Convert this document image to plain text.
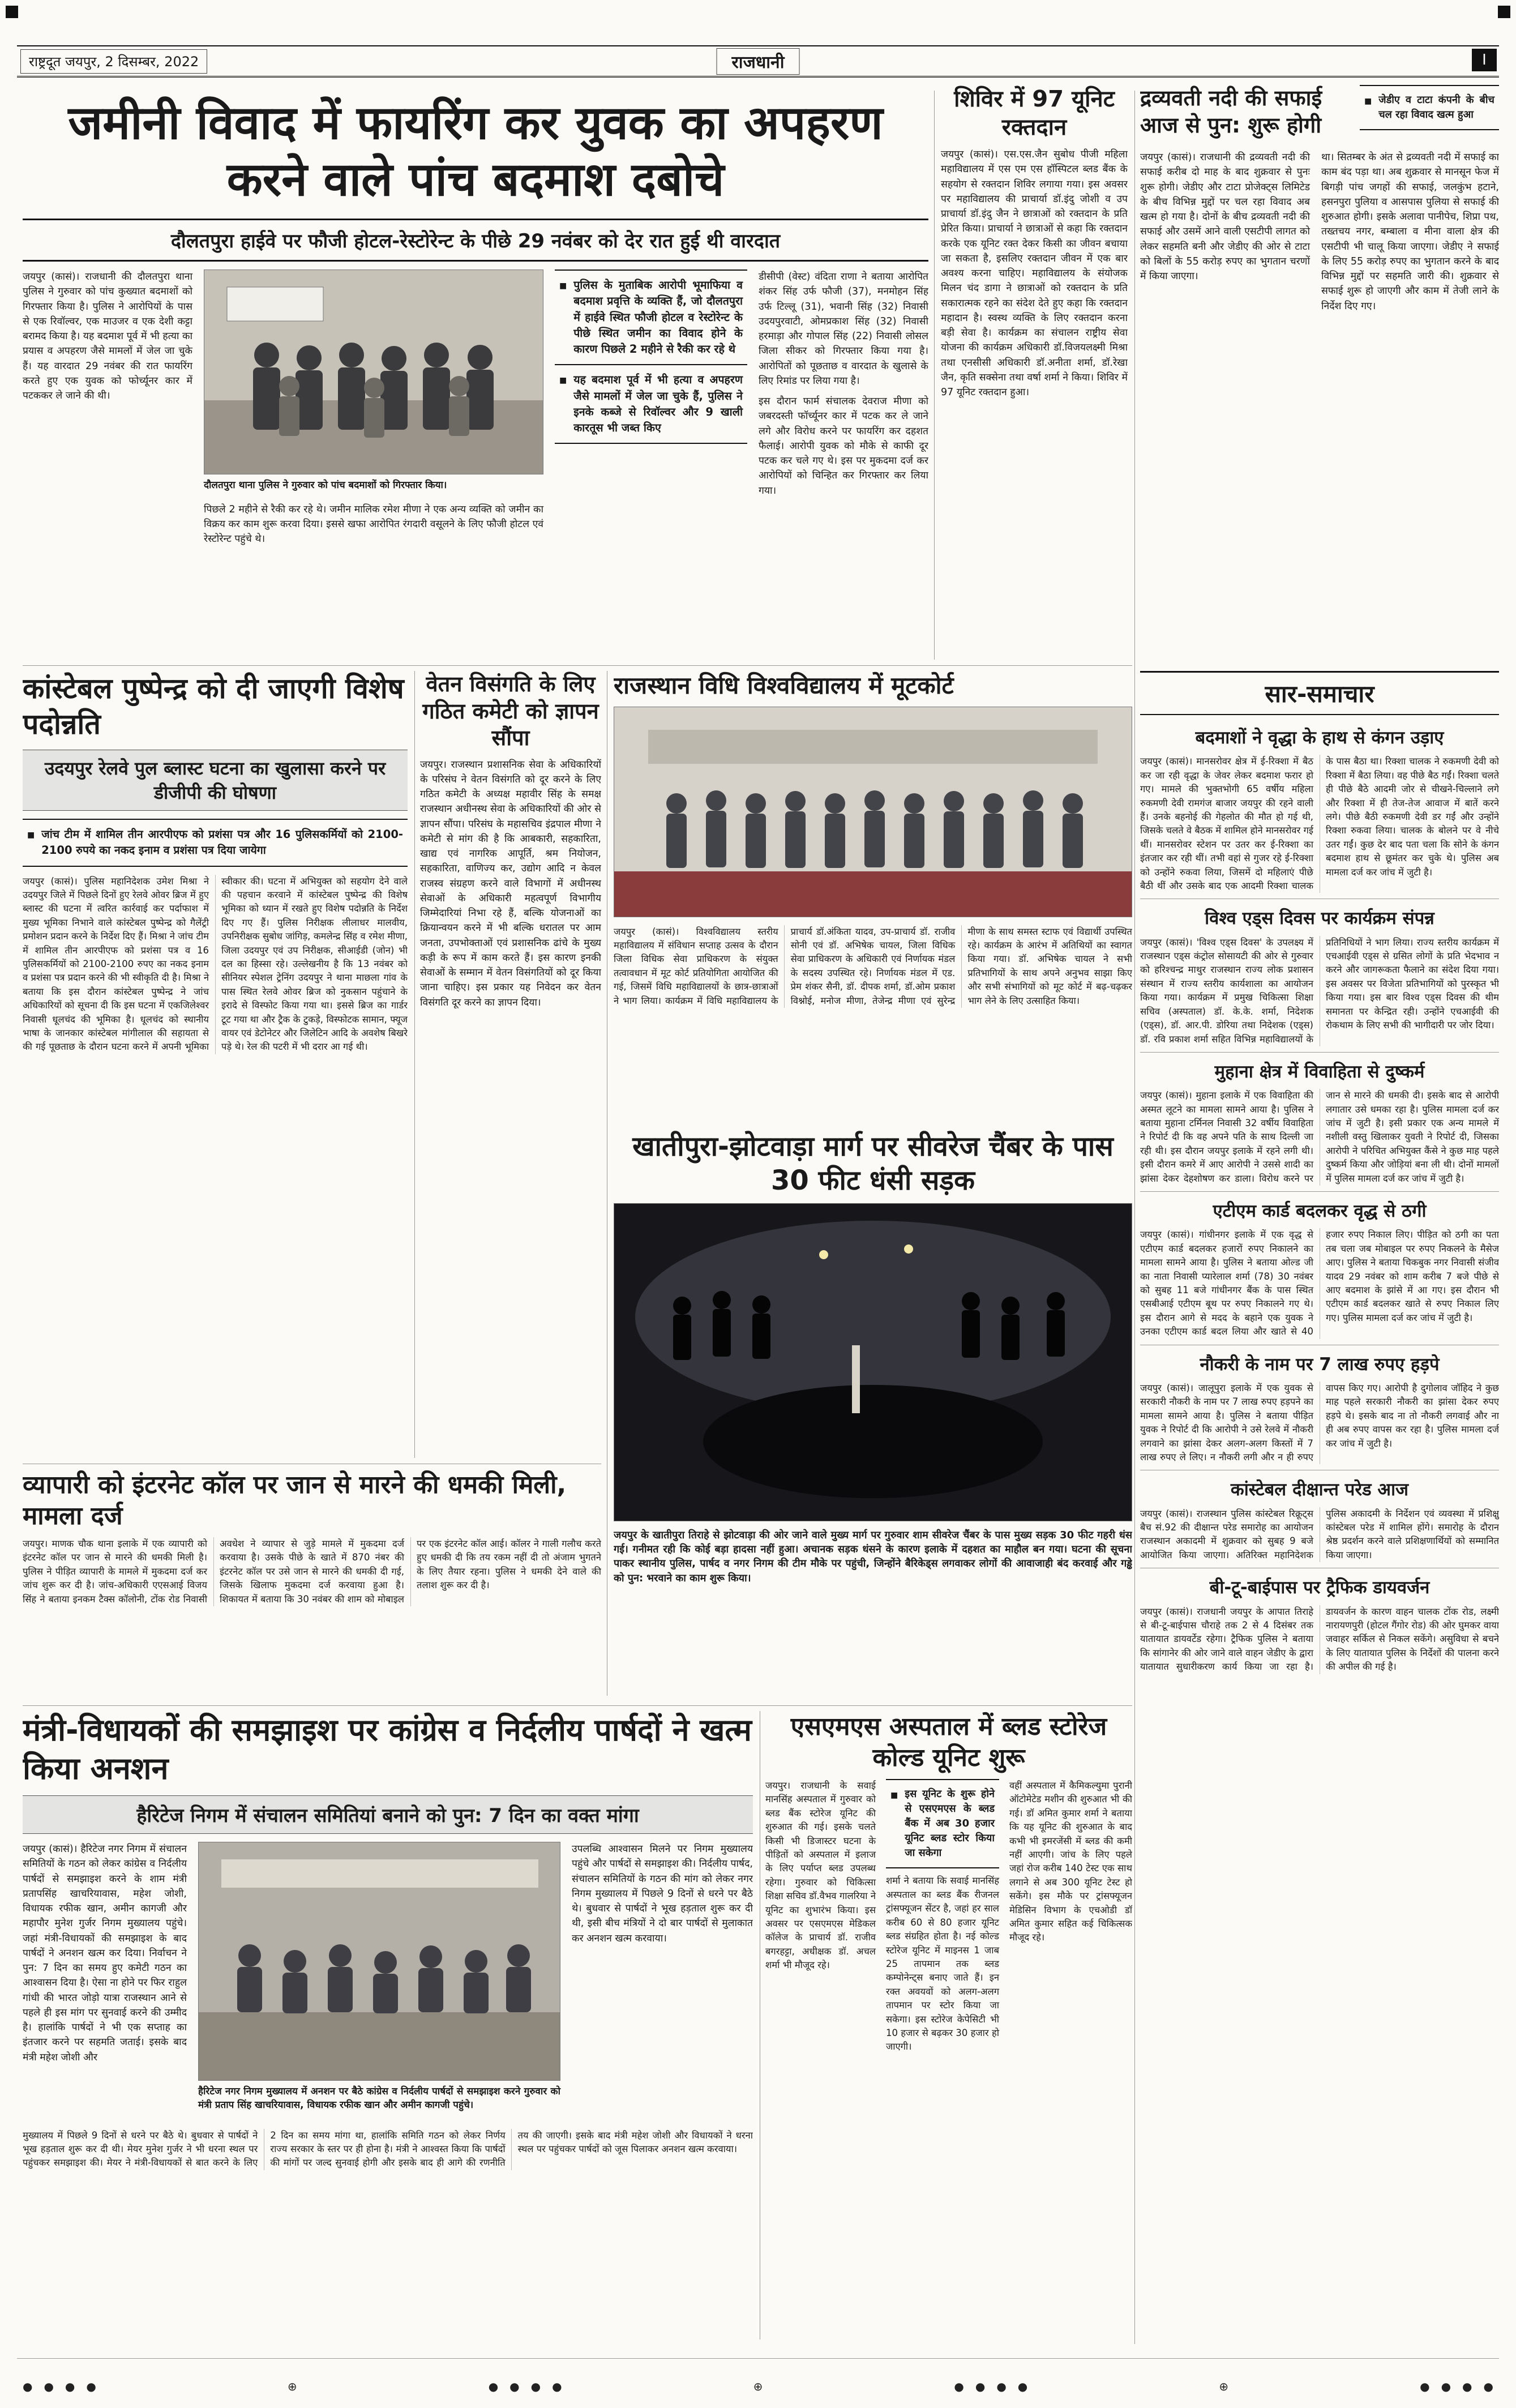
राष्ट्रदूत जयपुर, 2 दिसम्बर, 2022	राजधानी	I
जमीनी विवाद में फायरिंग कर युवक का अपहरण करने वाले पांच बदमाश दबोचे
दौलतपुरा हाईवे पर फौजी होटल-रेस्टोरेन्ट के पीछे 29 नवंबर को देर रात हुई थी वारदात

जयपुर (कासं)। राजधानी की दौलतपुरा थाना पुलिस ने गुरुवार को पांच कुख्यात बदमाशों को गिरफ्तार किया है। पुलिस ने आरोपियों के पास से एक रिवॉल्वर, एक माउजर व एक देशी कट्टा बरामद किया है। यह बदमाश पूर्व में भी हत्या का प्रयास व अपहरण जैसे मामलों में जेल जा चुके हैं। यह वारदात 29 नवंबर की रात फायरिंग करते हुए एक युवक को फोर्च्यूनर कार में पटककर ले जाने की थी।

दौलतपुरा थाना पुलिस ने गुरुवार को पांच बदमाशों को गिरफ्तार किया।

पिछले 2 महीने से रैकी कर रहे थे। जमीन मालिक रमेश मीणा ने एक अन्य व्यक्ति को जमीन का विक्रय कर काम शुरू करवा दिया। इससे खफा आरोपित रंगदारी वसूलने के लिए फौजी होटल एवं रेस्टोरेन्ट पहुंचे थे।

■ पुलिस के मुताबिक आरोपी भूमाफिया व बदमाश प्रवृत्ति के व्यक्ति हैं, जो दौलतपुरा में हाईवे स्थित फौजी होटल व रेस्टोरेन्ट के पीछे स्थित जमीन का विवाद होने के कारण पिछले 2 महीने से रैकी कर रहे थे
■ यह बदमाश पूर्व में भी हत्या व अपहरण जैसे मामलों में जेल जा चुके हैं, पुलिस ने इनके कब्जे से रिवॉल्वर और 9 खाली कारतूस भी जब्त किए

डीसीपी (वेस्ट) वंदिता राणा ने बताया आरोपित शंकर सिंह उर्फ फौजी (37), मनमोहन सिंह उर्फ टिल्लू (31), भवानी सिंह (32) निवासी उदयपुरवाटी, ओमप्रकाश सिंह (32) निवासी हरमाड़ा और गोपाल सिंह (22) निवासी लोसल जिला सीकर को गिरफ्तार किया गया है। आरोपितों को पूछताछ व वारदात के खुलासे के लिए रिमांड पर लिया गया है।

इस दौरान फार्म संचालक देवराज मीणा को जबरदस्ती फॉर्च्यूनर कार में पटक कर ले जाने लगे और विरोध करने पर फायरिंग कर दहशत फैलाई। आरोपी युवक को मौके से काफी दूर पटक कर चले गए थे। इस पर मुकदमा दर्ज कर आरोपियों को चिन्हित कर गिरफ्तार कर लिया गया।

शिविर में 97 यूनिट रक्तदान

जयपुर (कासं)। एस.एस.जैन सुबोध पीजी महिला महाविद्यालय में एस एम एस हॉस्पिटल ब्लड बैंक के सहयोग से रक्तदान शिविर लगाया गया। इस अवसर पर महाविद्यालय की प्राचार्या डॉ.इंदु जोशी व उप प्राचार्या डॉ.इंदु जैन ने छात्राओं को रक्तदान के प्रति प्रेरित किया। प्राचार्या ने छात्राओं से कहा कि रक्तदान करके एक यूनिट रक्त देकर किसी का जीवन बचाया जा सकता है, इसलिए रक्तदान जीवन में एक बार अवश्य करना चाहिए। महाविद्यालय के संयोजक मिलन चंद डागा ने छात्राओं को रक्तदान के प्रति सकारात्मक रहने का संदेश देते हुए कहा कि रक्तदान महादान है। स्वस्थ व्यक्ति के लिए रक्तदान करना बड़ी सेवा है। कार्यक्रम का संचालन राष्ट्रीय सेवा योजना की कार्यक्रम अधिकारी डॉ.विजयलक्ष्मी मिश्रा तथा एनसीसी अधिकारी डॉ.अनीता शर्मा, डॉ.रेखा जैन, कृति सक्सेना तथा वर्षा शर्मा ने किया। शिविर में 97 यूनिट रक्तदान हुआ।

द्रव्यवती नदी की सफाई आज से पुन: शुरू होगी
■ जेडीए व टाटा कंपनी के बीच चल रहा विवाद खत्म हुआ

जयपुर (कासं)। राजधानी की द्रव्यवती नदी की सफाई करीब दो माह के बाद शुक्रवार से पुनः शुरू होगी। जेडीए और टाटा प्रोजेक्ट्स लिमिटेड के बीच विभिन्न मुद्दों पर चल रहा विवाद अब खत्म हो गया है। दोनों के बीच द्रव्यवती नदी की सफाई और उसमें आने वाली एसटीपी लागत को लेकर सहमति बनी और जेडीए की ओर से टाटा को बिलों के 55 करोड़ रुपए का भुगतान चरणों में किया जाएगा।

था। सितम्बर के अंत से द्रव्यवती नदी में सफाई का काम बंद पड़ा था। अब शुक्रवार से मानसून फेज में बिगड़ी पांच जगहों की सफाई, जलकुंभ हटाने, हसनपुरा पुलिया व आसपास पुलिया से सफाई की शुरुआत होगी। इसके अलावा पानीपेच, शिप्रा पथ, तख्तचय नगर, बम्बाला व मीना वाला क्षेत्र की एसटीपी भी चालू किया जाएगा। जेडीए ने सफाई के लिए 55 करोड़ रुपए का भुगतान करने के बाद विभिन्न मुद्दों पर सहमति जारी की। शुक्रवार से सफाई शुरू हो जाएगी और काम में तेजी लाने के निर्देश दिए गए।

सार-समाचार
बदमाशों ने वृद्धा के हाथ से कंगन उड़ाए
जयपुर (कासं)। मानसरोवर क्षेत्र में ई-रिक्शा में बैठ कर जा रही वृद्धा के जेवर लेकर बदमाश फरार हो गए। मामले की भुक्तभोगी 65 वर्षीय महिला रुकमणी देवी रामगंज बाजार जयपुर की रहने वाली हैं। उनके बहनोई की गेहलोत की मौत हो गई थी, जिसके चलते वे बैठक में शामिल होने मानसरोवर गई थीं। मानसरोवर स्टेशन पर उतर कर ई-रिक्शा का इंतजार कर रही थीं। तभी वहां से गुजर रहे ई-रिक्शा को उन्होंने रुकवा लिया, जिसमें दो महिलाएं पीछे बैठी थीं और उसके बाद एक आदमी रिक्शा चालक के पास बैठा था। रिक्शा चालक ने रुकमणी देवी को रिक्शा में बैठा लिया। वह पीछे बैठ गईं। रिक्शा चलते ही पीछे बैठे आदमी जोर से चीखने-चिल्लाने लगे और रिक्शा में ही तेज-तेज आवाज में बातें करने लगे। पीछे बैठी रुकमणी देवी डर गईं और उन्होंने रिक्शा रुकवा लिया। चालक के बोलने पर वे नीचे उतर गईं। कुछ देर बाद पता चला कि सोने के कंगन बदमाश हाथ से छूमंतर कर चुके थे। पुलिस अब मामला दर्ज कर जांच में जुटी है।
विश्व एड्स दिवस पर कार्यक्रम संपन्न
जयपुर (कासं)। 'विश्व एड्स दिवस' के उपलक्ष्य में राजस्थान एड्स कंट्रोल सोसायटी की ओर से गुरुवार को हरिश्चन्द्र माथुर राजस्थान राज्य लोक प्रशासन संस्थान में राज्य स्तरीय कार्यशाला का आयोजन किया गया। कार्यक्रम में प्रमुख चिकित्सा शिक्षा सचिव (अस्पताल) डॉ. के.के. शर्मा, निदेशक (एड्स), डॉ. आर.पी. डोरिया तथा निदेशक (एड्स) डॉ. रवि प्रकाश शर्मा सहित विभिन्न महाविद्यालयों के प्रतिनिधियों ने भाग लिया। राज्य स्तरीय कार्यक्रम में एचआईवी एड्स से ग्रसित लोगों के प्रति भेदभाव न करने और जागरूकता फैलाने का संदेश दिया गया। इस अवसर पर विजेता प्रतिभागियों को पुरस्कृत भी किया गया। इस बार विश्व एड्स दिवस की थीम समानता पर केन्द्रित रही। उन्होंने एचआईवी की रोकथाम के लिए सभी की भागीदारी पर जोर दिया।
मुहाना क्षेत्र में विवाहिता से दुष्कर्म
जयपुर (कासं)। मुहाना इलाके में एक विवाहिता की अस्मत लूटने का मामला सामने आया है। पुलिस ने बताया मुहाना टर्मिनल निवासी 32 वर्षीय विवाहिता ने रिपोर्ट दी कि वह अपने पति के साथ दिल्ली जा रही थी। इस दौरान जयपुर इलाके में रहने लगी थी। इसी दौरान कमरे में आए आरोपी ने उससे शादी का झांसा देकर देहशोषण कर डाला। विरोध करने पर जान से मारने की धमकी दी। इसके बाद से आरोपी लगातार उसे धमका रहा है। पुलिस मामला दर्ज कर जांच में जुटी है। इसी प्रकार एक अन्य मामले में नशीली वस्तु खिलाकर युवती ने रिपोर्ट दी, जिसका आरोपी ने परिचित अभियुक्त कैंसे ने कुछ माह पहले दुष्कर्म किया और जोड़ियां बना ली थी। दोनों मामलों में पुलिस मामला दर्ज कर जांच में जुटी है।
एटीएम कार्ड बदलकर वृद्ध से ठगी
जयपुर (कासं)। गांधीनगर इलाके में एक वृद्ध से एटीएम कार्ड बदलकर हजारों रुपए निकालने का मामला सामने आया है। पुलिस ने बताया ओल्ड जी का नाता निवासी प्यारेलाल शर्मा (78) 30 नवंबर को सुबह 11 बजे गांधीनगर बैंक के पास स्थित एसबीआई एटीएम बूथ पर रुपए निकालने गए थे। इस दौरान आगे से मदद के बहाने एक युवक ने उनका एटीएम कार्ड बदल लिया और खाते से 40 हजार रुपए निकाल लिए। पीड़ित को ठगी का पता तब चला जब मोबाइल पर रुपए निकलने के मैसेज आए। पुलिस ने बताया चिकबुक नगर निवासी संजीव यादव 29 नवंबर को शाम करीब 7 बजे पीछे से आए बदमाश के झांसे में आ गए। इस दौरान भी एटीएम कार्ड बदलकर खाते से रुपए निकाल लिए गए। पुलिस मामला दर्ज कर जांच में जुटी है।
नौकरी के नाम पर 7 लाख रुपए हड़पे
जयपुर (कासं)। जालूपुरा इलाके में एक युवक से सरकारी नौकरी के नाम पर 7 लाख रुपए हड़पने का मामला सामने आया है। पुलिस ने बताया पीड़ित युवक ने रिपोर्ट दी कि आरोपी ने उसे रेलवे में नौकरी लगवाने का झांसा देकर अलग-अलग किस्तों में 7 लाख रुपए ले लिए। न नौकरी लगी और न ही रुपए वापस किए गए। आरोपी है दुगोलाव जॉहिद ने कुछ माह पहले सरकारी नौकरी का झांसा देकर रुपए हड़पे थे। इसके बाद ना तो नौकरी लगवाई और ना ही अब रुपए वापस कर रहा है। पुलिस मामला दर्ज कर जांच में जुटी है।
कांस्टेबल दीक्षान्त परेड आज
जयपुर (कासं)। राजस्थान पुलिस कांस्टेबल रिक्रूट्स बैच सं.92 की दीक्षान्त परेड समारोह का आयोजन राजस्थान अकादमी में शुक्रवार को सुबह 9 बजे आयोजित किया जाएगा। अतिरिक्त महानिदेशक पुलिस अकादमी के निर्देशन एवं व्यवस्था में प्रशिक्षु कांस्टेबल परेड में शामिल होंगे। समारोह के दौरान श्रेष्ठ प्रदर्शन करने वाले प्रशिक्षणार्थियों को सम्मानित किया जाएगा।
बी-टू-बाईपास पर ट्रैफिक डायवर्जन
जयपुर (कासं)। राजधानी जयपुर के आपात तिराहे से बी-टू-बाईपास चौराहे तक 2 से 4 दिसंबर तक यातायात डायवर्टेड रहेगा। ट्रैफिक पुलिस ने बताया कि सांगानेर की ओर जाने वाले वाहन जेडीए के द्वारा यातायात सुधारीकरण कार्य किया जा रहा है। डायवर्जन के कारण वाहन चालक टोंक रोड, लक्ष्मी नारायणपुरी (होटल गैंगोर रोड) की ओर घुमकर वाया जवाहर सर्किल से निकल सकेंगे। असुविधा से बचने के लिए यातायात पुलिस के निर्देशों की पालना करने की अपील की गई है।
कांस्टेबल पुष्पेन्द्र को दी जाएगी विशेष पदोन्नति
उदयपुर रेलवे पुल ब्लास्ट घटना का खुलासा करने पर डीजीपी की घोषणा
■ जांच टीम में शामिल तीन आरपीएफ को प्रशंसा पत्र और 16 पुलिसकर्मियों को 2100-2100 रुपये का नकद इनाम व प्रशंसा पत्र दिया जायेगा
जयपुर (कासं)। पुलिस महानिदेशक उमेश मिश्रा ने उदयपुर जिले में पिछले दिनों हुए रेलवे ओवर ब्रिज में हुए ब्लास्ट की घटना में त्वरित कार्रवाई कर पर्दाफाश में मुख्य भूमिका निभाने वाले कांस्टेबल पुष्पेन्द्र को गैलेंट्री प्रमोशन प्रदान करने के निर्देश दिए हैं। मिश्रा ने जांच टीम में शामिल तीन आरपीएफ को प्रशंसा पत्र व 16 पुलिसकर्मियों को 2100-2100 रुपए का नकद इनाम व प्रशंसा पत्र प्रदान करने की भी स्वीकृति दी है। मिश्रा ने बताया कि इस दौरान कांस्टेबल पुष्पेन्द्र ने जांच अधिकारियों को सूचना दी कि इस घटना में एकजिलेश्वर निवासी धूलचंद की भूमिका है। धूलचंद को स्थानीय भाषा के जानकार कांस्टेबल मांगीलाल की सहायता से की गई पूछताछ के दौरान घटना करने में अपनी भूमिका स्वीकार की। घटना में अभियुक्त को सहयोग देने वाले की पहचान करवाने में कांस्टेबल पुष्पेन्द्र की विशेष भूमिका को ध्यान में रखते हुए विशेष पदोन्नति के निर्देश दिए गए हैं। पुलिस निरीक्षक लीलाधर मालवीय, उपनिरीक्षक सुबोध जांगिड़, कमलेन्द्र सिंह व रमेश मीणा, जिला उदयपुर एवं उप निरीक्षक, सीआईडी (जोन) भी दल का हिस्सा रहे। उल्लेखनीय है कि 13 नवंबर को सीनियर स्पेशल ट्रेनिंग उदयपुर ने थाना माछला गांव के पास स्थित रेलवे ओवर ब्रिज को नुकसान पहुंचाने के इरादे से विस्फोट किया गया था। इससे ब्रिज का गार्डर टूट गया था और ट्रैक के टुकड़े, विस्फोटक सामान, फ्यूज वायर एवं डेटोनेटर और जिलेटिन आदि के अवशेष बिखरे पड़े थे। रेल की पटरी में भी दरार आ गई थी।
वेतन विसंगति के लिए गठित कमेटी को ज्ञापन सौंपा

जयपुर। राजस्थान प्रशासनिक सेवा के अधिकारियों के परिसंघ ने वेतन विसंगति को दूर करने के लिए गठित कमेटी के अध्यक्ष महावीर सिंह के समक्ष राजस्थान अधीनस्थ सेवा के अधिकारियों की ओर से ज्ञापन सौंपा। परिसंघ के महासचिव इंद्रपाल मीणा ने कमेटी से मांग की है कि आबकारी, सहकारिता, खाद्य एवं नागरिक आपूर्ति, श्रम नियोजन, सहकारिता, वाणिज्य कर, उद्योग आदि न केवल राजस्व संग्रहण करने वाले विभागों में अधीनस्थ सेवाओं के अधिकारी महत्वपूर्ण विभागीय जिम्मेदारियां निभा रहे हैं, बल्कि योजनाओं का क्रियान्वयन करने में भी बल्कि धरातल पर आम जनता, उपभोक्ताओं एवं प्रशासनिक ढांचे के मुख्य कड़ी के रूप में काम करते हैं। इस कारण इनकी सेवाओं के सम्मान में वेतन विसंगतियों को दूर किया जाना चाहिए। इस प्रकार यह निवेदन कर वेतन विसंगति दूर करने का ज्ञापन दिया।

राजस्थान विधि विश्वविद्यालय में मूटकोर्ट
जयपुर (कासं)। विश्वविद्यालय स्तरीय महाविद्यालय में संविधान सप्ताह उत्सव के दौरान जिला विधिक सेवा प्राधिकरण के संयुक्त तत्वावधान में मूट कोर्ट प्रतियोगिता आयोजित की गई, जिसमें विधि महाविद्यालयों के छात्र-छात्राओं ने भाग लिया। कार्यक्रम में विधि महाविद्यालय के प्राचार्य डॉ.अंकिता यादव, उप-प्राचार्य डॉ. राजीव सोनी एवं डॉ. अभिषेक चायल, जिला विधिक सेवा प्राधिकरण के अधिकारी एवं निर्णायक मंडल के सदस्य उपस्थित रहे। निर्णायक मंडल में एड. प्रेम शंकर सैनी, डॉ. दीपक शर्मा, डॉ.ओम प्रकाश विश्नोई, मनोज मीणा, तेजेन्द्र मीणा एवं सुरेन्द्र मीणा के साथ समस्त स्टाफ एवं विद्यार्थी उपस्थित रहे। कार्यक्रम के आरंभ में अतिथियों का स्वागत किया गया। डॉ. अभिषेक चायल ने सभी प्रतिभागियों के साथ अपने अनुभव साझा किए और सभी संभागियों को मूट कोर्ट में बढ़-चढ़कर भाग लेने के लिए उत्साहित किया।
खातीपुरा-झोटवाड़ा मार्ग पर सीवरेज चैंबर के पास 30 फीट धंसी सड़क

जयपुर के खातीपुरा तिराहे से झोटवाड़ा की ओर जाने वाले मुख्य मार्ग पर गुरुवार शाम सीवरेज चैंबर के पास मुख्य सड़क 30 फीट गहरी धंस गई। गनीमत रही कि कोई बड़ा हादसा नहीं हुआ। अचानक सड़क धंसने के कारण इलाके में दहशत का माहौल बन गया। घटना की सूचना पाकर स्थानीय पुलिस, पार्षद व नगर निगम की टीम मौके पर पहुंची, जिन्होंने बैरिकेड्स लगवाकर लोगों की आवाजाही बंद करवाई और गड्ढे को पुन: भरवाने का काम शुरू किया।

व्यापारी को इंटरनेट कॉल पर जान से मारने की धमकी मिली, मामला दर्ज
जयपुर। माणक चौक थाना इलाके में एक व्यापारी को इंटरनेट कॉल पर जान से मारने की धमकी मिली है। पुलिस ने पीड़ित व्यापारी के मामले में मुकदमा दर्ज कर जांच शुरू कर दी है। जांच-अधिकारी एएसआई विजय सिंह ने बताया इनकम टैक्स कॉलोनी, टोंक रोड निवासी अवधेश ने व्यापार से जुड़े मामले में मुकदमा दर्ज करवाया है। उसके पीछे के खाते में 870 नंबर की इंटरनेट कॉल पर उसे जान से मारने की धमकी दी गई, जिसके खिलाफ मुकदमा दर्ज करवाया हुआ है। शिकायत में बताया कि 30 नवंबर की शाम को मोबाइल पर एक इंटरनेट कॉल आई। कॉलर ने गाली गलौच करते हुए धमकी दी कि तय रकम नहीं दी तो अंजाम भुगतने के लिए तैयार रहना। पुलिस ने धमकी देने वाले की तलाश शुरू कर दी है।
मंत्री-विधायकों की समझाइश पर कांग्रेस व निर्दलीय पार्षदों ने खत्म किया अनशन
हैरिटेज निगम में संचालन समितियां बनाने को पुन: 7 दिन का वक्त मांगा

जयपुर (कासं)। हैरिटेज नगर निगम में संचालन समितियों के गठन को लेकर कांग्रेस व निर्दलीय पार्षदों से समझाइश करने के शाम मंत्री प्रतापसिंह खाचरियावास, महेश जोशी, विधायक रफीक खान, अमीन कागजी और महापौर मुनेश गुर्जर निगम मुख्यालय पहुंचे। जहां मंत्री-विधायकों की समझाइश के बाद पार्षदों ने अनशन खत्म कर दिया। निर्वाचन ने पुन: 7 दिन का समय हुए कमेटी गठन का आश्वासन दिया है। ऐसा ना होने पर फिर राहुल गांधी की भारत जोड़ो यात्रा राजस्थान आने से पहले ही इस मांग पर सुनवाई करने की उम्मीद है। हालांकि पार्षदों ने भी एक सप्ताह का इंतजार करने पर सहमति जताई। इसके बाद मंत्री महेश जोशी और

हैरिटेज नगर निगम मुख्यालय में अनशन पर बैठे कांग्रेस व निर्दलीय पार्षदों से समझाइश करने गुरुवार को मंत्री प्रताप सिंह खाचरियावास, विधायक रफीक खान और अमीन कागजी पहुंचे।

उपलब्धि आश्वासन मिलने पर निगम मुख्यालय पहुंचे और पार्षदों से समझाइश की। निर्दलीय पार्षद, संचालन समितियों के गठन की मांग को लेकर नगर निगम मुख्यालय में पिछले 9 दिनों से धरने पर बैठे थे। बुधवार से पार्षदों ने भूख हड़ताल शुरू कर दी थी, इसी बीच मंत्रियों ने दो बार पार्षदों से मुलाकात कर अनशन खत्म करवाया।

मुख्यालय में पिछले 9 दिनों से धरने पर बैठे थे। बुधवार से पार्षदों ने भूख हड़ताल शुरू कर दी थी। मेयर मुनेश गुर्जर ने भी धरना स्थल पर पहुंचकर समझाइश की। मेयर ने मंत्री-विधायकों से बात करने के लिए 2 दिन का समय मांगा था, हालांकि समिति गठन को लेकर निर्णय राज्य सरकार के स्तर पर ही होना है। मंत्री ने आश्वस्त किया कि पार्षदों की मांगों पर जल्द सुनवाई होगी और इसके बाद ही आगे की रणनीति तय की जाएगी। इसके बाद मंत्री महेश जोशी और विधायकों ने धरना स्थल पर पहुंचकर पार्षदों को जूस पिलाकर अनशन खत्म करवाया।
एसएमएस अस्पताल में ब्लड स्टोरेज कोल्ड यूनिट शुरू

जयपुर। राजधानी के सवाई मानसिंह अस्पताल में गुरुवार को ब्लड बैंक स्टोरेज यूनिट की शुरुआत की गई। इसके चलते किसी भी डिजास्टर घटना के पीड़ितों को अस्पताल में इलाज के लिए पर्याप्त ब्लड उपलब्ध रहेगा। गुरुवार को चिकित्सा शिक्षा सचिव डॉ.वैभव गालरिया ने यूनिट का शुभारंभ किया। इस अवसर पर एसएमएस मेडिकल कॉलेज के प्राचार्य डॉ. राजीव बगरहट्टा, अधीक्षक डॉ. अचल शर्मा भी मौजूद रहे।

■ इस यूनिट के शुरू होने से एसएमएस के ब्लड बैंक में अब 30 हजार यूनिट ब्लड स्टोर किया जा सकेगा

शर्मा ने बताया कि सवाई मानसिंह अस्पताल का ब्लड बैंक रीजनल ट्रांसफ्यूजन सेंटर है, जहां हर साल करीब 60 से 80 हजार यूनिट ब्लड संग्रहित होता है। नई कोल्ड स्टोरेज यूनिट में माइनस 1 जाब 25 तापमान तक ब्लड कम्पोनेन्ट्स बनाए जाते हैं। इन रक्त अवयवों को अलग-अलग तापमान पर स्टोर किया जा सकेगा। इस स्टोरेज केपेसिटी भी 10 हजार से बढ़कर 30 हजार हो जाएगी।

वहीं अस्पताल में कैमिकल्युमा पुरानी ऑटोमेटेड मशीन की शुरुआत भी की गई। डॉ अमित कुमार शर्मा ने बताया कि यह यूनिट की शुरुआत के बाद कभी भी इमरजेंसी में ब्लड की कमी नहीं आएगी। जांच के लिए पहले जहां रोज करीब 140 टेस्ट एक साथ लगाने से अब 300 यूनिट टेस्ट हो सकेंगे। इस मौके पर ट्रांसफ्यूजन मेडिसिन विभाग के एचओडी डॉ अमित कुमार सहित कई चिकित्सक मौजूद रहे।

● ● ● ●	⊕	● ● ● ●	⊕	● ● ● ●	⊕	● ● ● ●
